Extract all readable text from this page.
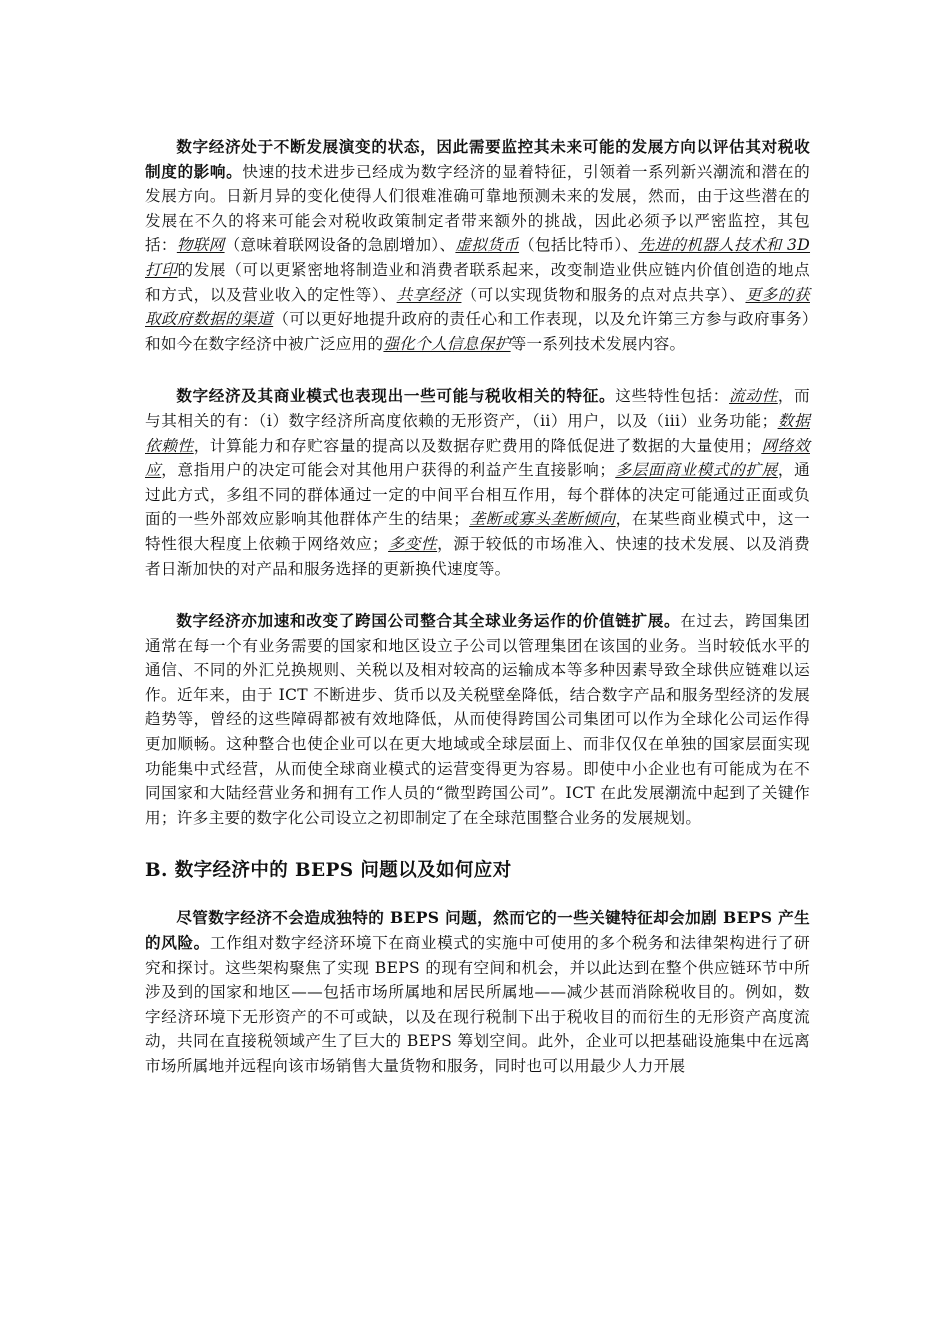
数字经济处于不断发展演变的状态，因此需要监控其未来可能的发展方向以评估其对税收制度的影响。快速的技术进步已经成为数字经济的显着特征，引领着一系列新兴潮流和潜在的发展方向。日新月异的变化使得人们很难准确可靠地预测未来的发展，然而，由于这些潜在的发展在不久的将来可能会对税收政策制定者带来额外的挑战，因此必须予以严密监控，其包括：物联网（意味着联网设备的急剧增加）、虚拟货币（包括比特币）、先进的机器人技术和 3D 打印的发展（可以更紧密地将制造业和消费者联系起来，改变制造业供应链内价值创造的地点和方式，以及营业收入的定性等）、共享经济（可以实现货物和服务的点对点共享）、更多的获取政府数据的渠道（可以更好地提升政府的责任心和工作表现，以及允许第三方参与政府事务）和如今在数字经济中被广泛应用的强化个人信息保护等一系列技术发展内容。

数字经济及其商业模式也表现出一些可能与税收相关的特征。这些特性包括：流动性，而与其相关的有：（i）数字经济所高度依赖的无形资产，（ii）用户，以及（iii）业务功能；数据依赖性，计算能力和存贮容量的提高以及数据存贮费用的降低促进了数据的大量使用；网络效应，意指用户的决定可能会对其他用户获得的利益产生直接影响；多层面商业模式的扩展，通过此方式，多组不同的群体通过一定的中间平台相互作用，每个群体的决定可能通过正面或负面的一些外部效应影响其他群体产生的结果；垄断或寡头垄断倾向，在某些商业模式中，这一特性很大程度上依赖于网络效应；多变性，源于较低的市场准入、快速的技术发展、以及消费者日渐加快的对产品和服务选择的更新换代速度等。

数字经济亦加速和改变了跨国公司整合其全球业务运作的价值链扩展。在过去，跨国集团通常在每一个有业务需要的国家和地区设立子公司以管理集团在该国的业务。当时较低水平的通信、不同的外汇兑换规则、关税以及相对较高的运输成本等多种因素导致全球供应链难以运作。近年来，由于 ICT 不断进步、货币以及关税壁垒降低，结合数字产品和服务型经济的发展趋势等，曾经的这些障碍都被有效地降低，从而使得跨国公司集团可以作为全球化公司运作得更加顺畅。这种整合也使企业可以在更大地域或全球层面上、而非仅仅在单独的国家层面实现功能集中式经营，从而使全球商业模式的运营变得更为容易。即使中小企业也有可能成为在不同国家和大陆经营业务和拥有工作人员的“微型跨国公司”。ICT 在此发展潮流中起到了关键作用；许多主要的数字化公司设立之初即制定了在全球范围整合业务的发展规划。

B. 数字经济中的 BEPS 问题以及如何应对

尽管数字经济不会造成独特的 BEPS 问题，然而它的一些关键特征却会加剧 BEPS 产生的风险。工作组对数字经济环境下在商业模式的实施中可使用的多个税务和法律架构进行了研究和探讨。这些架构聚焦了实现 BEPS 的现有空间和机会，并以此达到在整个供应链环节中所涉及到的国家和地区——包括市场所属地和居民所属地——减少甚而消除税收目的。例如，数字经济环境下无形资产的不可或缺，以及在现行税制下出于税收目的而衍生的无形资产高度流动，共同在直接税领域产生了巨大的 BEPS 筹划空间。此外，企业可以把基础设施集中在远离市场所属地并远程向该市场销售大量货物和服务，同时也可以用最少人力开展
